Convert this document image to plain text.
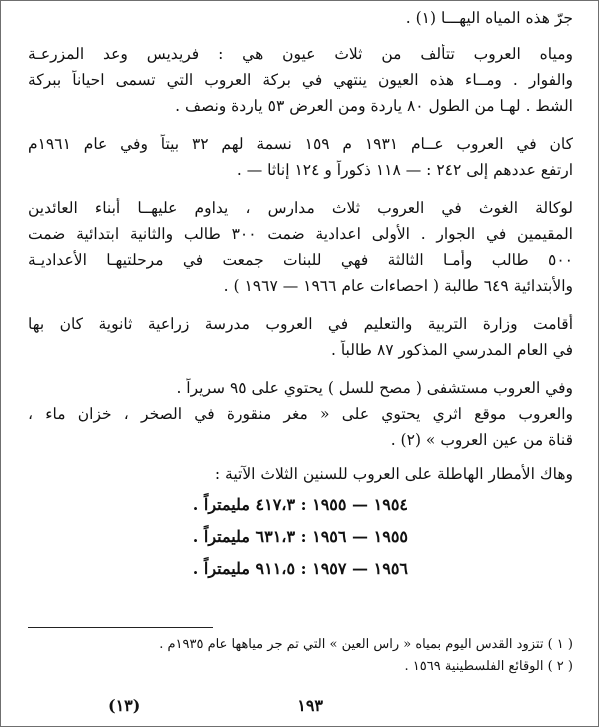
جرّ هذه المياه اليهـــا (١) .
ومياه العروب تتألف من ثلاث عيون هي : فريديس وعد المزرعـة
والفوار . ومــاء هذه العيون ينتهي في بركة العروب التي تسمى احياناً ببركة
الشط . لهـا من الطول ٨٠ ياردة ومن العرض ٥٣ ياردة ونصف .
كان في العروب عــام ١٩٣١ م ١٥٩ نسمة لهم ٣٢ بيتاً وفي عام ١٩٦١م
ارتفع عددهم إلى ٢٤٢ : — ١١٨ ذكوراً و ١٢٤ إناثا — .
لوكالة الغوث في العروب ثلاث مدارس ، يداوم عليهــا أبناء العائدين
المقيمين في الجوار . الأولى اعدادية ضمت ٣٠٠ طالب والثانية ابتدائية ضمت
٥٠٠ طالب وأمـا الثالثة فهي للبنات جمعت في مرحلتيهـا الأعداديـة
والأبتدائية ٦٤٩ طالبة ( احصاءات عام ١٩٦٦ — ١٩٦٧ ) .
أقامت وزارة التربية والتعليم في العروب مدرسة زراعية ثانوية كان بها
في العام المدرسي المذكور ٨٧ طالباً .
وفي العروب مستشفى ( مصح للسل ) يحتوي على ٩٥ سريراً .
والعروب موقع اثري يحتوي على « مغر منقورة في الصخر ، خزان ماء ،
قناة من عين العروب » (٢) .
وهاك الأمطار الهاطلة على العروب للسنين الثلاث الآتية :
١٩٥٤ — ١٩٥٥ : ٤١٧،٣ مليمتراً .
١٩٥٥ — ١٩٥٦ : ٦٣١،٣ مليمتراً .
١٩٥٦ — ١٩٥٧ : ٩١١،٥ مليمتراً .
( ١ ) تتزود القدس اليوم بمياه « راس العين » التي تم جر مياهها عام ١٩٣٥م .
( ٢ ) الوقائع الفلسطينية ١٥٦٩ .
١٩٣
(١٣)
